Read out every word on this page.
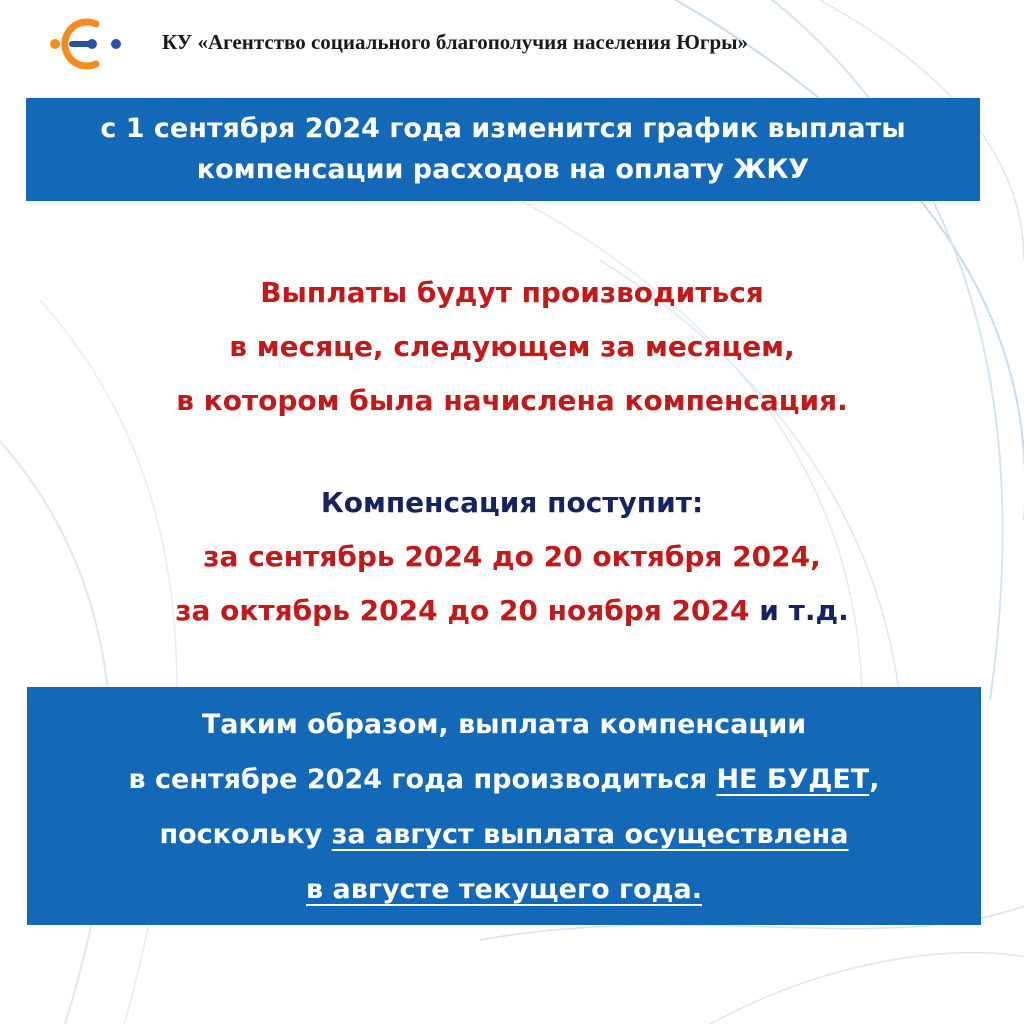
КУ «Агентство социального благополучия населения Югры»
с 1 сентября 2024 года изменится график выплаты
компенсации расходов на оплату ЖКУ
Выплаты будут производиться
в месяце, следующем за месяцем,
в котором была начислена компенсация.
Компенсация поступит:
за сентябрь 2024 до 20 октября 2024,
за октябрь 2024 до 20 ноября 2024 и т.д.
Таким образом, выплата компенсации
в сентябре 2024 года производиться НЕ БУДЕТ,
поскольку за август выплата осуществлена
в августе текущего года.
